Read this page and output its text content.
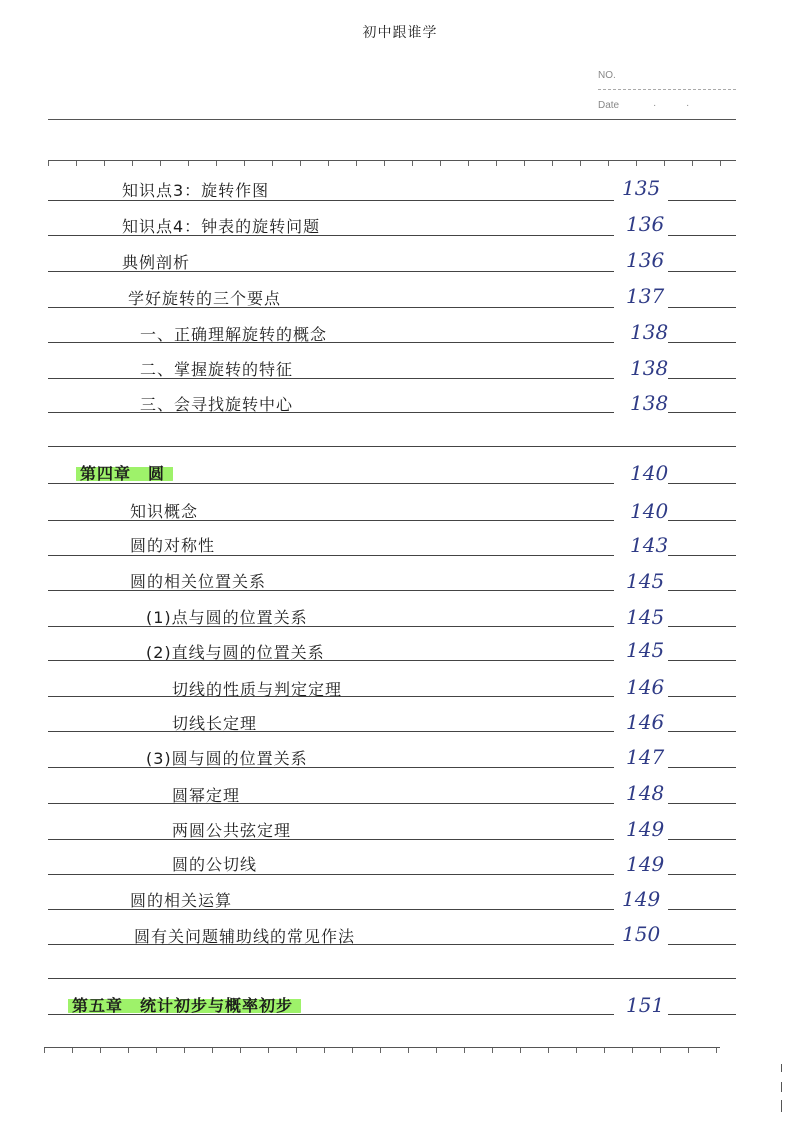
初中跟谁学
NO.
Date	·	·
知识点3：旋转作图	135
知识点4：钟表的旋转问题	136
典例剖析	136
学好旋转的三个要点	137
一、正确理解旋转的概念	138
二、掌握旋转的特征	138
三、会寻找旋转中心	138
第四章　圆	140
知识概念	140
圆的对称性	143
圆的相关位置关系	145
(1)点与圆的位置关系	145
(2)直线与圆的位置关系	145
切线的性质与判定定理	146
切线长定理	146
(3)圆与圆的位置关系	147
圆幂定理	148
两圆公共弦定理	149
圆的公切线	149
圆的相关运算	149
圆有关问题辅助线的常见作法	150
第五章　统计初步与概率初步	151
